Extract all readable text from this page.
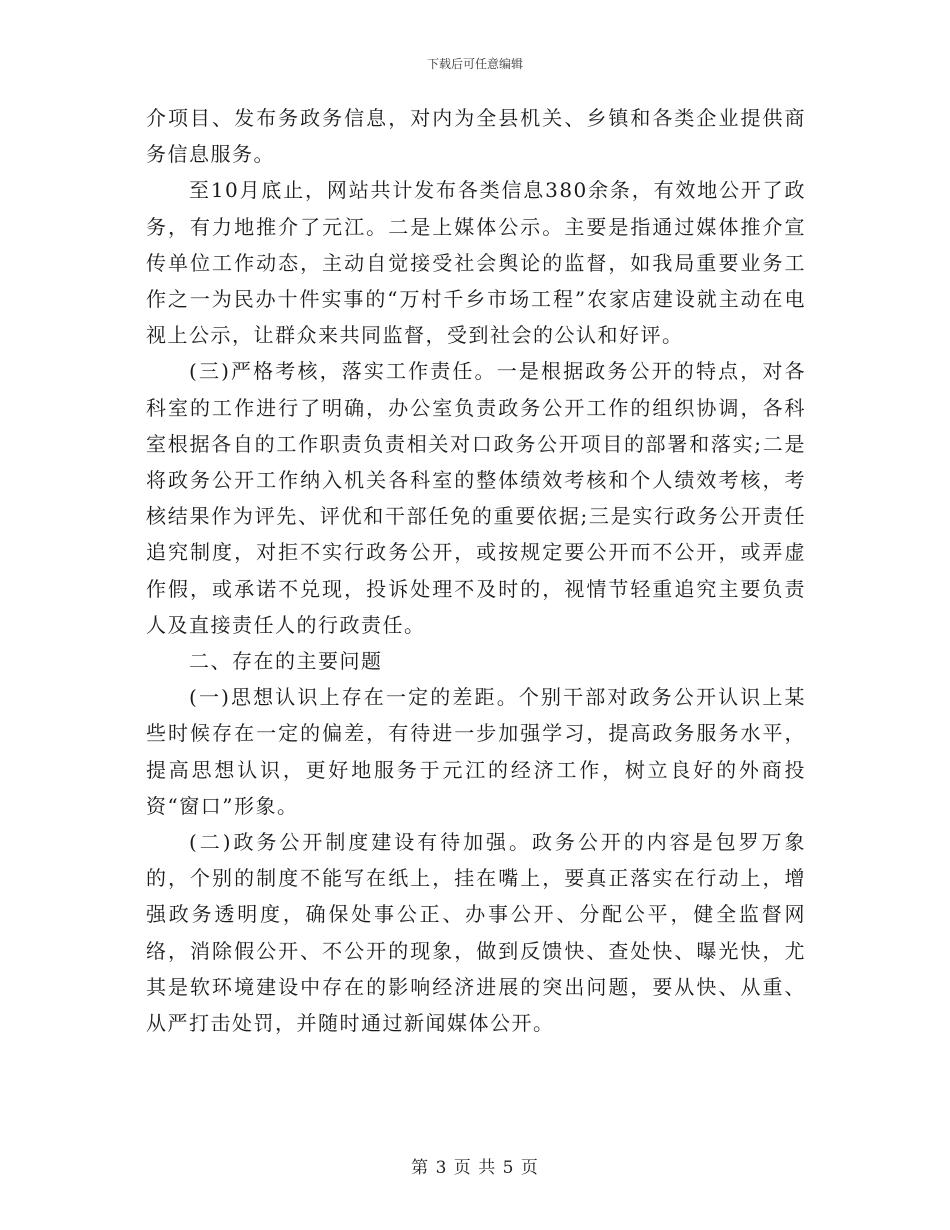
下载后可任意编辑

介项目、发布务政务信息，对内为全县机关、乡镇和各类企业提供商务信息服务。

至10月底止，网站共计发布各类信息380余条，有效地公开了政务，有力地推介了元江。二是上媒体公示。主要是指通过媒体推介宣传单位工作动态，主动自觉接受社会舆论的监督，如我局重要业务工作之一为民办十件实事的“万村千乡市场工程”农家店建设就主动在电视上公示，让群众来共同监督，受到社会的公认和好评。

(三)严格考核，落实工作责任。一是根据政务公开的特点，对各科室的工作进行了明确，办公室负责政务公开工作的组织协调，各科室根据各自的工作职责负责相关对口政务公开项目的部署和落实;二是将政务公开工作纳入机关各科室的整体绩效考核和个人绩效考核，考核结果作为评先、评优和干部任免的重要依据;三是实行政务公开责任追究制度，对拒不实行政务公开，或按规定要公开而不公开，或弄虚作假，或承诺不兑现，投诉处理不及时的，视情节轻重追究主要负责人及直接责任人的行政责任。

二、存在的主要问题

(一)思想认识上存在一定的差距。个别干部对政务公开认识上某些时候存在一定的偏差，有待进一步加强学习，提高政务服务水平，提高思想认识，更好地服务于元江的经济工作，树立良好的外商投资“窗口”形象。

(二)政务公开制度建设有待加强。政务公开的内容是包罗万象的，个别的制度不能写在纸上，挂在嘴上，要真正落实在行动上，增强政务透明度，确保处事公正、办事公开、分配公平，健全监督网络，消除假公开、不公开的现象，做到反馈快、查处快、曝光快，尤其是软环境建设中存在的影响经济进展的突出问题，要从快、从重、从严打击处罚，并随时通过新闻媒体公开。

第 3 页 共 5 页
